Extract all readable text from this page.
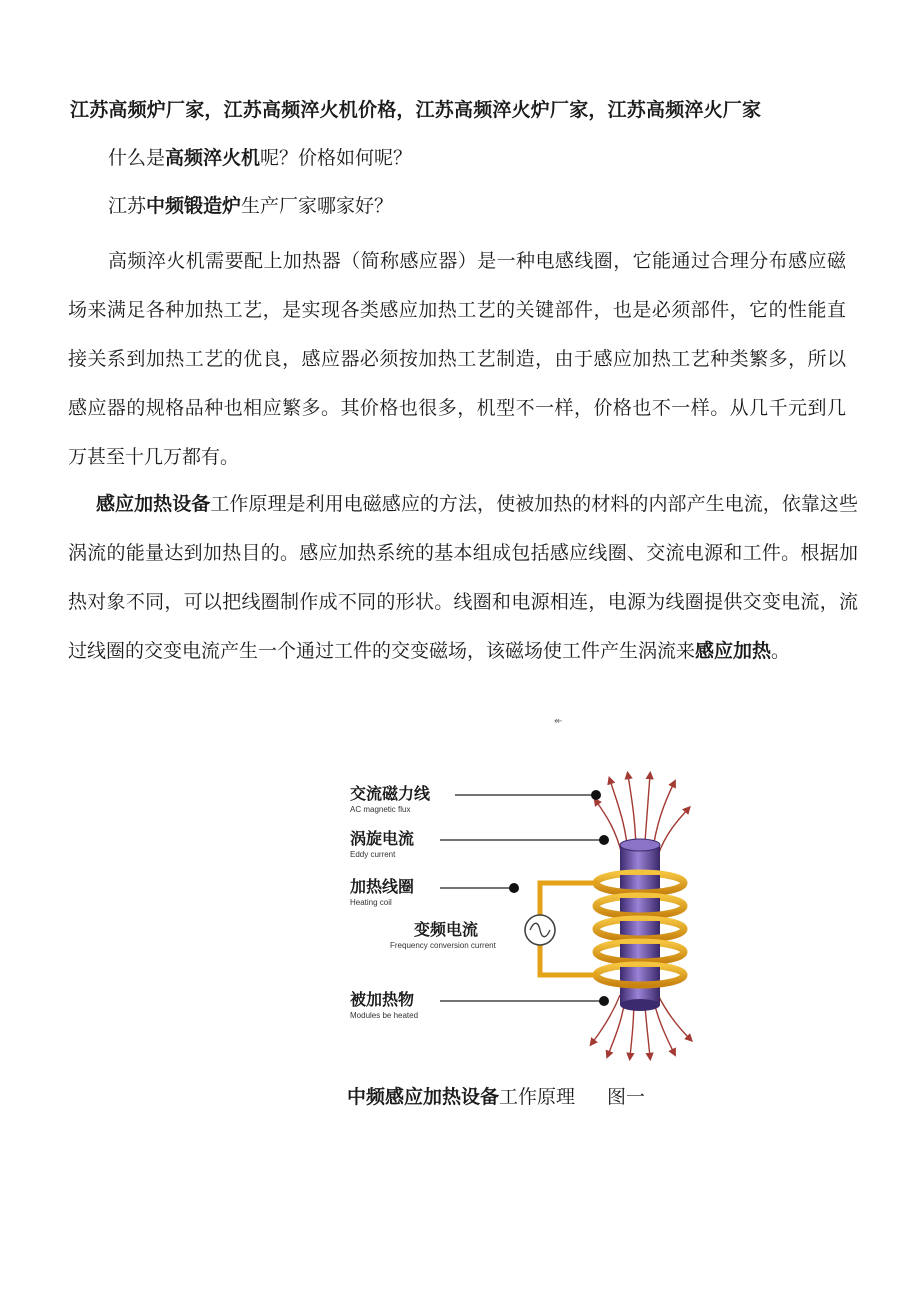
江苏高频炉厂家，江苏高频淬火机价格，江苏高频淬火炉厂家，江苏高频淬火厂家
什么是高频淬火机呢？价格如何呢？
江苏中频锻造炉生产厂家哪家好？
高频淬火机需要配上加热器（简称感应器）是一种电感线圈，它能通过合理分布感应磁场来满足各种加热工艺，是实现各类感应加热工艺的关键部件，也是必须部件，它的性能直接关系到加热工艺的优良，感应器必须按加热工艺制造，由于感应加热工艺种类繁多，所以感应器的规格品种也相应繁多。其价格也很多，机型不一样，价格也不一样。从几千元到几万甚至十几万都有。
感应加热设备工作原理是利用电磁感应的方法，使被加热的材料的内部产生电流，依靠这些涡流的能量达到加热目的。感应加热系统的基本组成包括感应线圈、交流电源和工件。根据加热对象不同，可以把线圈制作成不同的形状。线圈和电源相连，电源为线圈提供交变电流，流过线圈的交变电流产生一个通过工件的交变磁场，该磁场使工件产生涡流来感应加热。
↞
交流磁力线
AC magnetic flux
涡旋电流
Eddy current
加热线圈
Heating coil
变频电流
Frequency conversion current
被加热物
Modules be heated
中频感应加热设备工作原理 图一
